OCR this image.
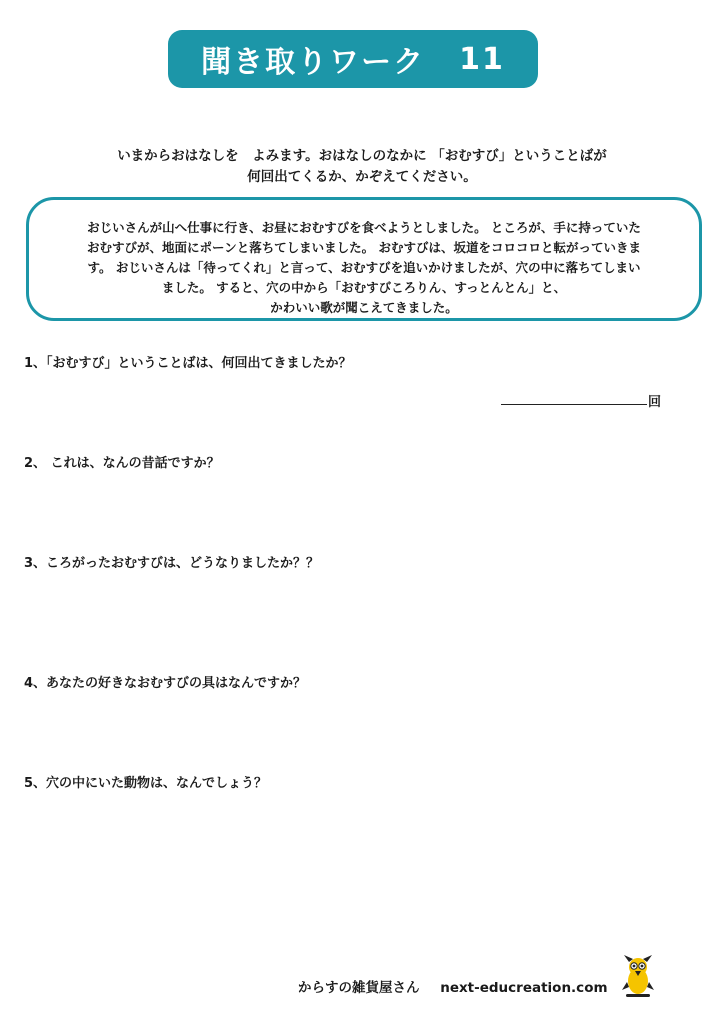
聞き取りワーク 11
いまからおはなしを　よみます。おはなしのなかに 「おむすび」ということばが
何回出てくるか、かぞえてください。
おじいさんが山へ仕事に行き、お昼におむすびを食べようとしました。 ところが、手に持っていた
おむすびが、地面にポーンと落ちてしまいました。 おむすびは、坂道をコロコロと転がっていきま
す。 おじいさんは「待ってくれ」と言って、おむすびを追いかけましたが、穴の中に落ちてしまい
ました。 すると、穴の中から「おむすびころりん、すっとんとん」と、
かわいい歌が聞こえてきました。
1、「おむすび」ということばは、何回出てきましたか？
回
2、 これは、なんの昔話ですか？
3、ころがったおむすびは、どうなりましたか？？
4、あなたの好きなおむすびの具はなんですか？
5、穴の中にいた動物は、なんでしょう？
からすの雑貨屋さん next-educreation.com
